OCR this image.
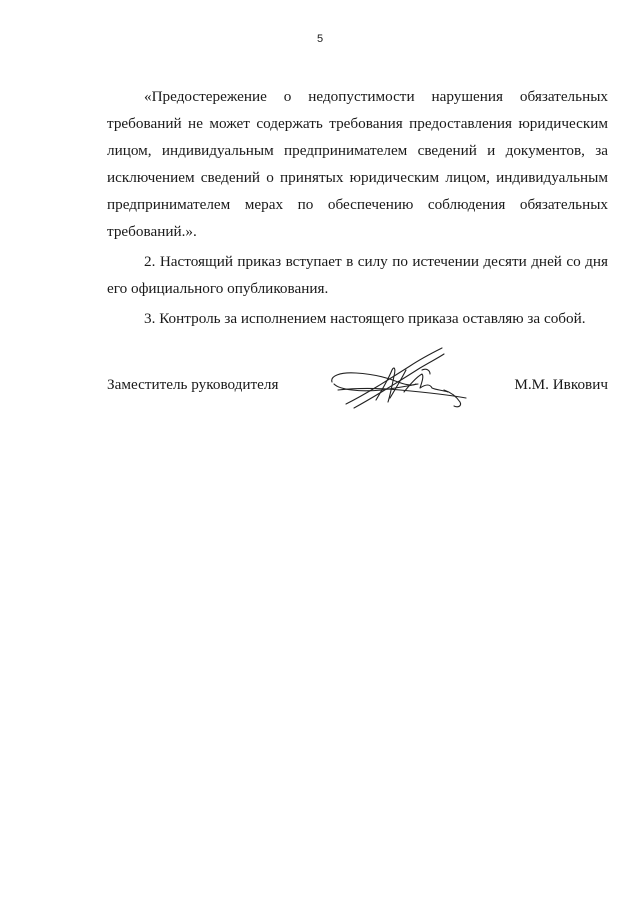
5

«Предостережение о недопустимости нарушения обязательных требований не может содержать требования предоставления юридическим лицом, индивидуальным предпринимателем сведений и документов, за исключением сведений о принятых юридическим лицом, индивидуальным предпринимателем мерах по обеспечению соблюдения обязательных требований.».

2. Настоящий приказ вступает в силу по истечении десяти дней со дня его официального опубликования.

3. Контроль за исполнением настоящего приказа оставляю за собой.

Заместитель руководителя	М.М. Ивкович
